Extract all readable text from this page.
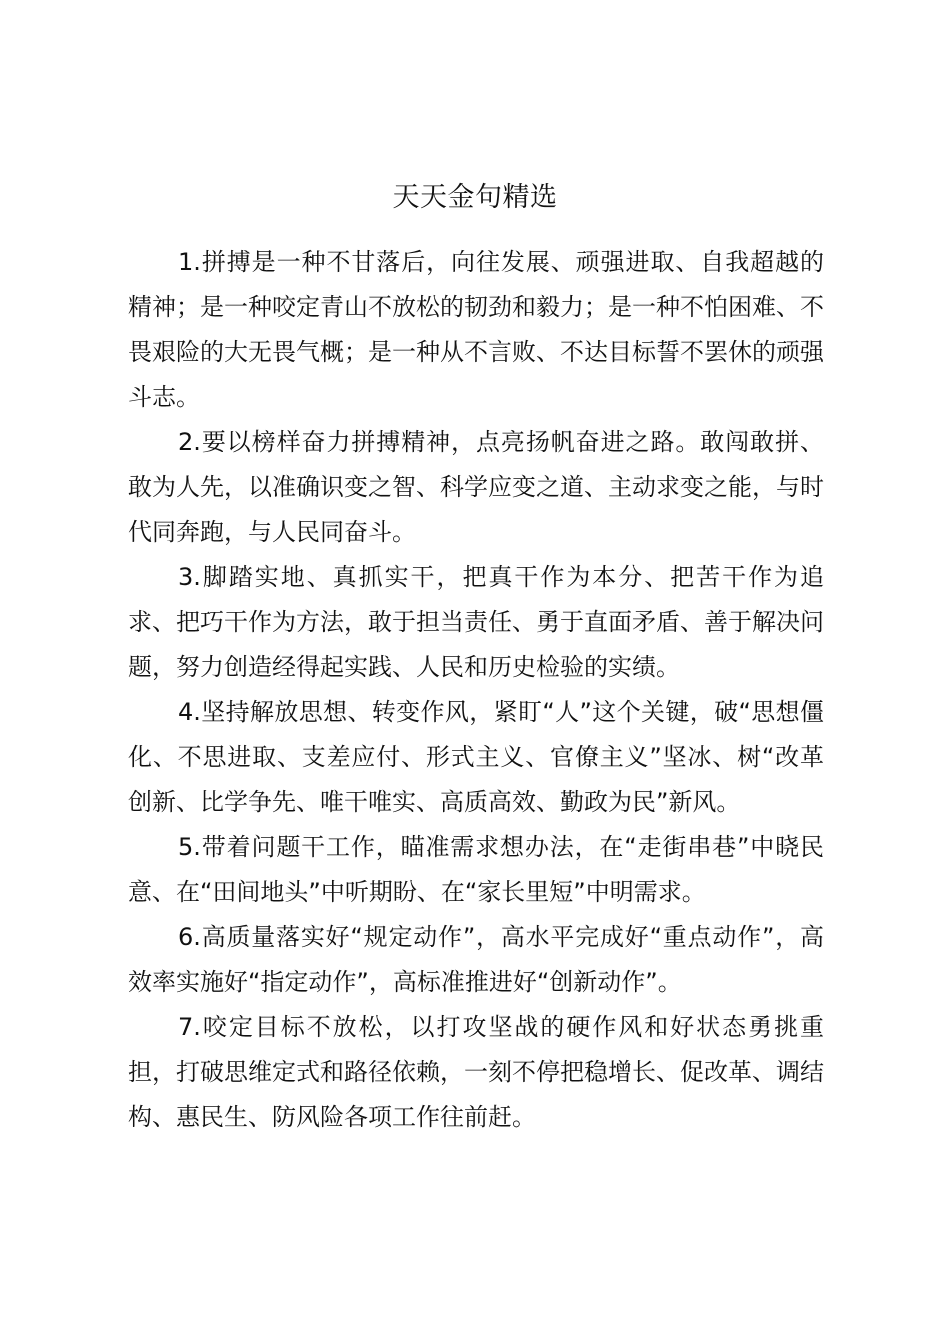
天天金句精选

1.拼搏是一种不甘落后，向往发展、顽强进取、自我超越的精神；是一种咬定青山不放松的韧劲和毅力；是一种不怕困难、不畏艰险的大无畏气概；是一种从不言败、不达目标誓不罢休的顽强斗志。

2.要以榜样奋力拼搏精神，点亮扬帆奋进之路。敢闯敢拼、敢为人先，以准确识变之智、科学应变之道、主动求变之能，与时代同奔跑，与人民同奋斗。

3.脚踏实地、真抓实干，把真干作为本分、把苦干作为追求、把巧干作为方法，敢于担当责任、勇于直面矛盾、善于解决问题，努力创造经得起实践、人民和历史检验的实绩。

4.坚持解放思想、转变作风，紧盯“人”这个关键，破“思想僵化、不思进取、支差应付、形式主义、官僚主义”坚冰、树“改革创新、比学争先、唯干唯实、高质高效、勤政为民”新风。

5.带着问题干工作，瞄准需求想办法，在“走街串巷”中晓民意、在“田间地头”中听期盼、在“家长里短”中明需求。

6.高质量落实好“规定动作”，高水平完成好“重点动作”，高效率实施好“指定动作”，高标准推进好“创新动作”。

7.咬定目标不放松，以打攻坚战的硬作风和好状态勇挑重担，打破思维定式和路径依赖，一刻不停把稳增长、促改革、调结构、惠民生、防风险各项工作往前赶。
